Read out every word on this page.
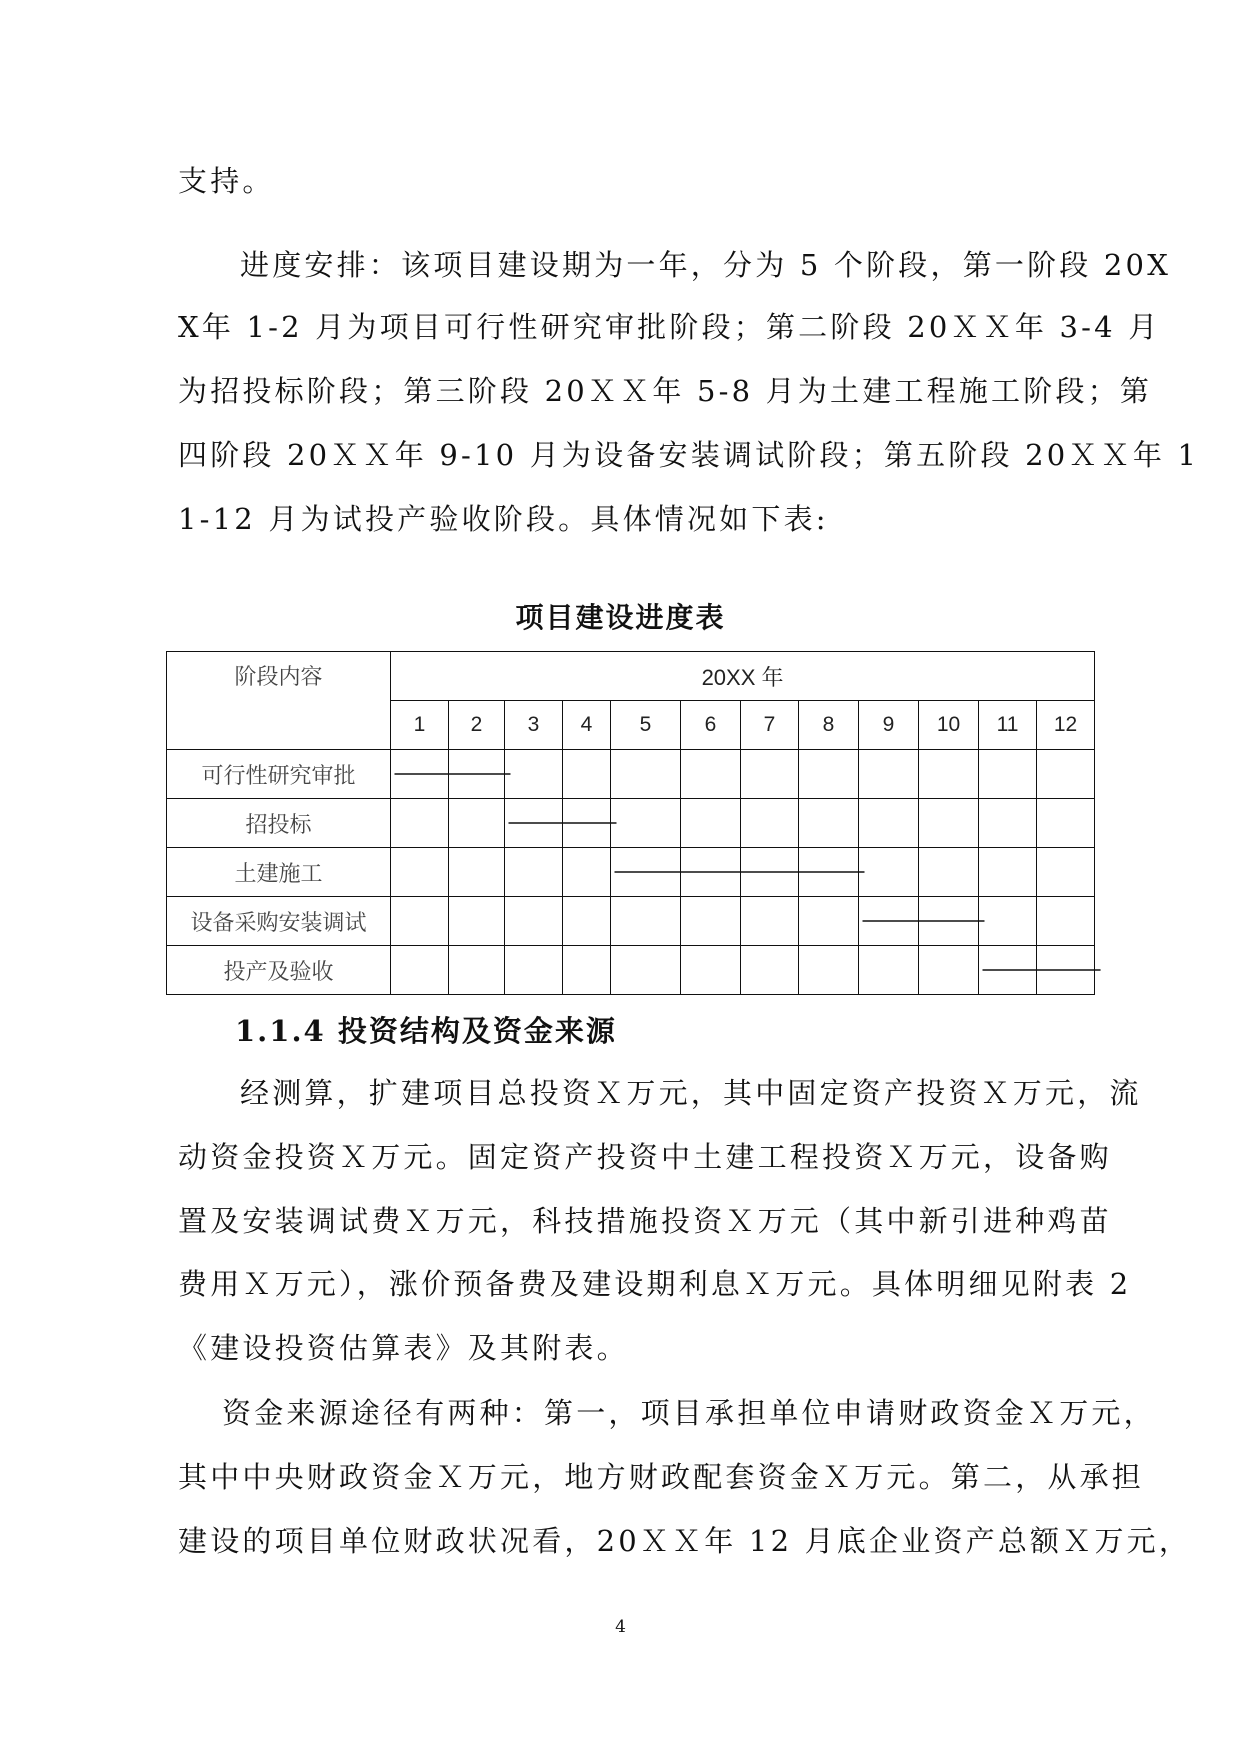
支持。
进度安排：该项目建设期为一年，分为 5 个阶段，第一阶段 20X
X年 1-2 月为项目可行性研究审批阶段；第二阶段 20ＸＸ年 3-4 月
为招投标阶段；第三阶段 20ＸＸ年 5-8 月为土建工程施工阶段；第
四阶段 20ＸＸ年 9-10 月为设备安装调试阶段；第五阶段 20ＸＸ年 1
1-12 月为试投产验收阶段。具体情况如下表:
项目建设进度表
阶段内容	20XX 年											
	1	2	3	4	5	6	7	8	9	10	11	12
可行性研究审批												
招投标												
土建施工												
设备采购安装调试												
投产及验收												
1.1.4 投资结构及资金来源
经测算，扩建项目总投资Ｘ万元，其中固定资产投资Ｘ万元，流
动资金投资Ｘ万元。固定资产投资中土建工程投资Ｘ万元，设备购
置及安装调试费Ｘ万元，科技措施投资Ｘ万元（其中新引进种鸡苗
费用Ｘ万元），涨价预备费及建设期利息Ｘ万元。具体明细见附表 2
《建设投资估算表》及其附表。
资金来源途径有两种：第一，项目承担单位申请财政资金Ｘ万元，
其中中央财政资金Ｘ万元，地方财政配套资金Ｘ万元。第二，从承担
建设的项目单位财政状况看，20ＸＸ年 12 月底企业资产总额Ｘ万元，
4
